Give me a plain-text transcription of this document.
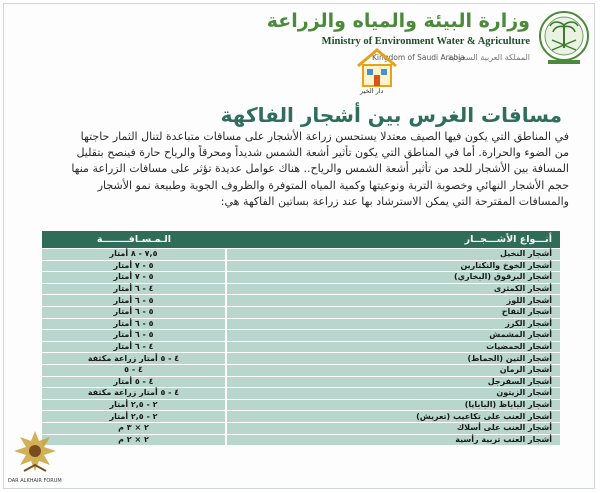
وزارة البيئة والمياه والزراعة
Ministry of Environment Water & Agriculture
المملكة العربية السعودية
Kingdom of Saudi Arabia
دار الخير
مسافات الغرس بين أشجار الفاكهة
في المناطق التي يكون فيها الصيف معتدلا يستحسن زراعة الأشجار على مسافات متباعدة لتنال الثمار حاجتها
من الضوء والحرارة. أما في المناطق التي يكون تأثير أشعة الشمس شديداً ومحرقاً والرياح حارة فينصح بتقليل
المسافة بين الأشجار للحد من تأثير أشعة الشمس والرياح.. هناك عوامل عديدة تؤثر على مسافات الزراعة منها
حجم الأشجار النهائي وخصوبة التربة ونوعيتها وكمية المياه المتوفرة والظروف الجوية وطبيعة نمو الأشجار
والمسافات المقترحة التي يمكن الاسترشاد بها عند زراعة بساتين الفاكهة هي:
أنـــواع الأشـــجــار	الـمـسـافــــــــة
أشجار النخيل	٧,٥ - ٨ أمتار
أشجار الخوخ والنكتارين	٥ - ٧ أمتار
أشجار البرقوق (البخاري)	٥ - ٧ أمتار
أشجار الكمثرى	٤ - ٦ أمتار
أشجار اللوز	٥ - ٦ أمتار
أشجار التفاح	٥ - ٦ أمتار
أشجار الكرز	٥ - ٦ أمتار
أشجار المشمش	٥ - ٦ أمتار
أشجار الحمضيات	٤ - ٦ أمتار
أشجار التين (الحماط)	٤ - ٥ أمتار زراعة مكثفة
أشجار الرمان	٤ - ٥
أشجار السفرجل	٤ - ٥ أمتار
أشجار الزيتون	٤ - ٥ أمتار زراعة مكثفة
أشجار الباباظ (البابايا)	٢ - ٢,٥ أمتار
أشجار العنب على تكاعيب (تعريش)	٢ - ٢,٥ أمتار
أشجار العنب على أسلاك	٢ × ٣ م
أشجار العنب تربية رأسية	٢ × ٢ م
DAR ALKHAIR FORUM
